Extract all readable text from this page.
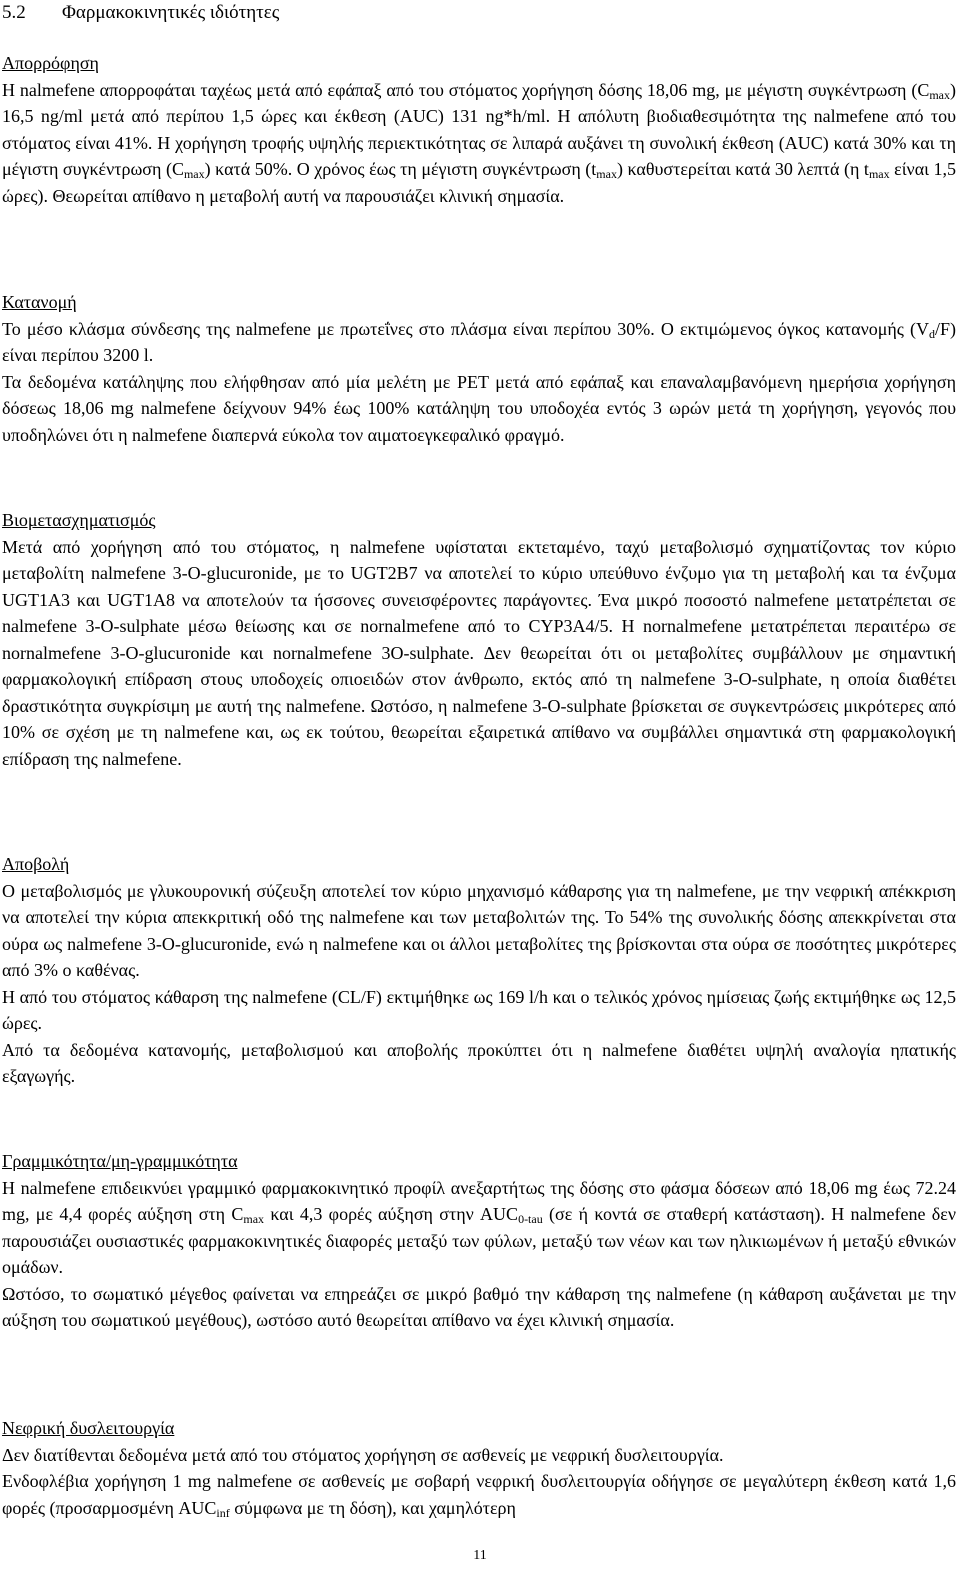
5.2 Φαρμακοκινητικές ιδιότητες
Απορρόφηση

Η nalmefene απορροφάται ταχέως μετά από εφάπαξ από του στόματος χορήγηση δόσης 18,06 mg, με μέγιστη συγκέντρωση $(C_{max})$ 16,5 ng/ml μετά από περίπου 1,5 ώρες και έκθεση (AUC) 131 ng*h/ml. Η απόλυτη βιοδιαθεσιμότητα της nalmefene από του στόματος είναι 41%. Η χορήγηση τροφής υψηλής περιεκτικότητας σε λιπαρά αυξάνει τη συνολική έκθεση (AUC) κατά 30% και τη μέγιστη συγκέντρωση $(C_{max})$ κατά 50%. Ο χρόνος έως τη μέγιστη συγκέντρωση $(t_{max})$ καθυστερείται κατά 30 λεπτά (η $t_{max}$ είναι 1,5 ώρες). Θεωρείται απίθανο η μεταβολή αυτή να παρουσιάζει κλινική σημασία.

Κατανομή

Το μέσο κλάσμα σύνδεσης της nalmefene με πρωτεΐνες στο πλάσμα είναι περίπου 30%. Ο εκτιμώμενος όγκος κατανομής $(V_d/F)$ είναι περίπου 3200 l.

Τα δεδομένα κατάληψης που ελήφθησαν από μία μελέτη με PET μετά από εφάπαξ και επαναλαμβανόμενη ημερήσια χορήγηση δόσεως 18,06 mg nalmefene δείχνουν 94% έως 100% κατάληψη του υποδοχέα εντός 3 ωρών μετά τη χορήγηση, γεγονός που υποδηλώνει ότι η nalmefene διαπερνά εύκολα τον αιματοεγκεφαλικό φραγμό.

Βιομετασχηματισμός

Μετά από χορήγηση από του στόματος, η nalmefene υφίσταται εκτεταμένο, ταχύ μεταβολισμό σχηματίζοντας τον κύριο μεταβολίτη nalmefene 3-O-glucuronide, με το UGT2B7 να αποτελεί το κύριο υπεύθυνο ένζυμο για τη μεταβολή και τα ένζυμα UGT1A3 και UGT1A8 να αποτελούν τα ήσσονες συνεισφέροντες παράγοντες. Ένα μικρό ποσοστό nalmefene μετατρέπεται σε nalmefene 3-O-sulphate μέσω θείωσης και σε nornalmefene από το CYP3A4/5. Η nornalmefene μετατρέπεται περαιτέρω σε nornalmefene 3-O-glucuronide και nornalmefene 3O-sulphate. Δεν θεωρείται ότι οι μεταβολίτες συμβάλλουν με σημαντική φαρμακολογική επίδραση στους υποδοχείς οπιοειδών στον άνθρωπο, εκτός από τη nalmefene 3-O-sulphate, η οποία διαθέτει δραστικότητα συγκρίσιμη με αυτή της nalmefene. Ωστόσο, η nalmefene 3-O-sulphate βρίσκεται σε συγκεντρώσεις μικρότερες από 10% σε σχέση με τη nalmefene και, ως εκ τούτου, θεωρείται εξαιρετικά απίθανο να συμβάλλει σημαντικά στη φαρμακολογική επίδραση της nalmefene.

Αποβολή

Ο μεταβολισμός με γλυκουρονική σύζευξη αποτελεί τον κύριο μηχανισμό κάθαρσης για τη nalmefene, με την νεφρική απέκκριση να αποτελεί την κύρια απεκκριτική οδό της nalmefene και των μεταβολιτών της. Το 54% της συνολικής δόσης απεκκρίνεται στα ούρα ως nalmefene 3-O-glucuronide, ενώ η nalmefene και οι άλλοι μεταβολίτες της βρίσκονται στα ούρα σε ποσότητες μικρότερες από 3% ο καθένας.

Η από του στόματος κάθαρση της nalmefene (CL/F) εκτιμήθηκε ως 169 l/h και ο τελικός χρόνος ημίσειας ζωής εκτιμήθηκε ως 12,5 ώρες.

Από τα δεδομένα κατανομής, μεταβολισμού και αποβολής προκύπτει ότι η nalmefene διαθέτει υψηλή αναλογία ηπατικής εξαγωγής.

Γραμμικότητα/μη-γραμμικότητα

Η nalmefene επιδεικνύει γραμμικό φαρμακοκινητικό προφίλ ανεξαρτήτως της δόσης στο φάσμα δόσεων από 18,06 mg έως 72.24 mg, με 4,4 φορές αύξηση στη $C_{max}$ και 4,3 φορές αύξηση στην $AUC_{0-tau}$ (σε ή κοντά σε σταθερή κατάσταση). Η nalmefene δεν παρουσιάζει ουσιαστικές φαρμακοκινητικές διαφορές μεταξύ των φύλων, μεταξύ των νέων και των ηλικιωμένων ή μεταξύ εθνικών ομάδων.

Ωστόσο, το σωματικό μέγεθος φαίνεται να επηρεάζει σε μικρό βαθμό την κάθαρση της nalmefene (η κάθαρση αυξάνεται με την αύξηση του σωματικού μεγέθους), ωστόσο αυτό θεωρείται απίθανο να έχει κλινική σημασία.

Νεφρική δυσλειτουργία

Δεν διατίθενται δεδομένα μετά από του στόματος χορήγηση σε ασθενείς με νεφρική δυσλειτουργία.

Ενδοφλέβια χορήγηση 1 mg nalmefene σε ασθενείς με σοβαρή νεφρική δυσλειτουργία οδήγησε σε μεγαλύτερη έκθεση κατά 1,6 φορές (προσαρμοσμένη $AUC_{inf}$ σύμφωνα με τη δόση), και χαμηλότερη

11
